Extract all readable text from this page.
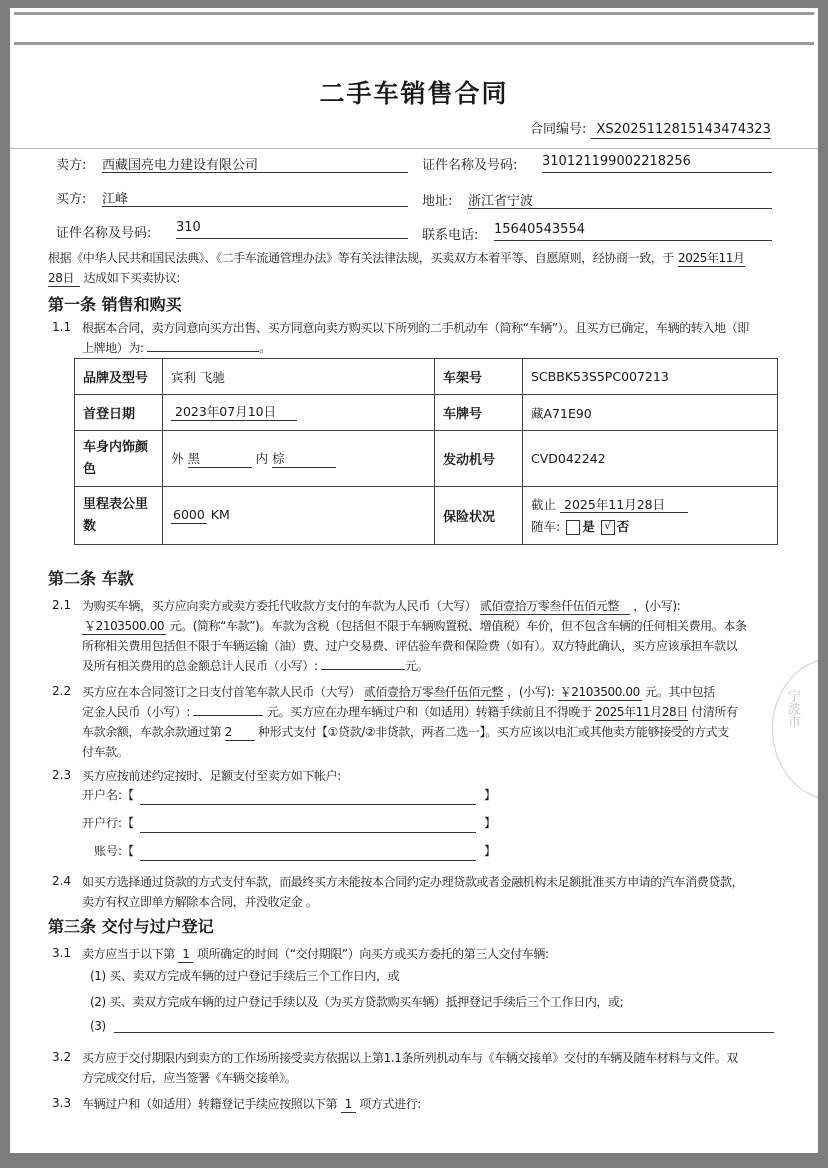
二手车销售合同
合同编号: XS2025112815143474323
卖方: 西藏国亮电力建设有限公司	证件名称及号码: 310121199002218256
买方: 江峰	地址: 浙江省宁波
证件名称及号码: 310
联系电话: 15640543554
根据《中华人民共和国民法典》、《二手车流通管理办法》等有关法律法规，买卖双方本着平等、自愿原则，经协商一致，于 2025年11月
28日 达成如下买卖协议:
第一条 销售和购买
1.1 根据本合同，卖方同意向买方出售、买方同意向卖方购买以下所列的二手机动车（简称“车辆”）。且买方已确定，车辆的转入地（即
上牌地）为:	。
品牌及型号	宾利 飞驰	车架号	SCBBK53S5PC007213
首登日期	2023年07月10日	车牌号	藏A71E90
车身内饰颜色	外 黑 内 棕	发动机号	CVD042242
里程表公里数	6000 KM	保险状况	截止 2025年11月28日
随车: 是 √ 否
第二条 车款
2.1 为购买车辆，买方应向卖方或卖方委托代收款方支付的车款为人民币（大写） 贰佰壹拾万零叁仟伍佰元整 ，(小写):
￥2103500.00 元。(简称“车款”)。车款为含税（包括但不限于车辆购置税、增值税）车价，但不包含车辆的任何相关费用。本条
所称相关费用包括但不限于车辆运输（油）费、过户交易费、评估验车费和保险费（如有）。双方特此确认，买方应该承担车款以
及所有相关费用的总金额总计人民币（小写）:	元。
2.2 买方应在本合同签订之日支付首笔车款人民币（大写） 贰佰壹拾万零叁仟伍佰元整 ，(小写): ￥2103500.00 元。其中包括
定金人民币（小写）:	元。买方应在办理车辆过户和（如适用）转籍手续前且不得晚于 2025年11月28日 付清所有
车款余额，车款余款通过第 2 种形式支付【①贷款/②非贷款，两者二选一】。买方应该以电汇或其他卖方能够接受的方式支
付车款。
2.3 买方应按前述约定按时、足额支付至卖方如下帐户:
开户名:【	】
开户行:【	】
账号:【	】
2.4 如买方选择通过贷款的方式支付车款，而最终买方未能按本合同约定办理贷款或者金融机构未足额批准买方申请的汽车消费贷款，
卖方有权立即单方解除本合同，并没收定金 。
第三条 交付与过户登记
3.1 卖方应当于以下第 1 项所确定的时间（“交付期限”）向买方或买方委托的第三人交付车辆:
(1) 买、卖双方完成车辆的过户登记手续后三个工作日内，或
(2) 买、卖双方完成车辆的过户登记手续以及（为买方贷款购买车辆）抵押登记手续后三个工作日内，或;
(3)
3.2 买方应于交付期限内到卖方的工作场所接受卖方依据以上第1.1条所列机动车与《车辆交接单》交付的车辆及随车材料与文件。双
方完成交付后，应当签署《车辆交接单》。
3.3 车辆过户和（如适用）转籍登记手续应按照以下第 1 项方式进行:
宁波市
